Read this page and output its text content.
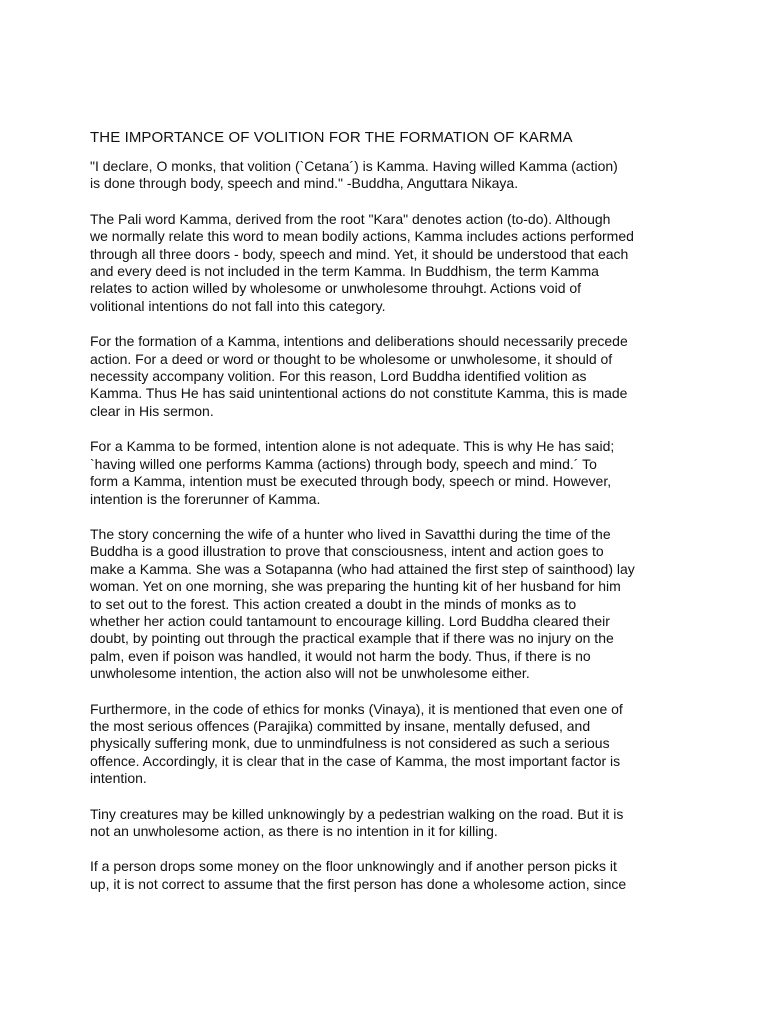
THE IMPORTANCE OF VOLITION FOR THE FORMATION OF KARMA
"I declare, O monks, that volition (`Cetana´) is Kamma. Having willed Kamma (action)
is done through body, speech and mind." -Buddha, Anguttara Nikaya.
The Pali word Kamma, derived from the root "Kara" denotes action (to-do). Although
we normally relate this word to mean bodily actions, Kamma includes actions performed
through all three doors - body, speech and mind. Yet, it should be understood that each
and every deed is not included in the term Kamma. In Buddhism, the term Kamma
relates to action willed by wholesome or unwholesome throuhgt. Actions void of
volitional intentions do not fall into this category.
For the formation of a Kamma, intentions and deliberations should necessarily precede
action. For a deed or word or thought to be wholesome or unwholesome, it should of
necessity accompany volition. For this reason, Lord Buddha identified volition as
Kamma. Thus He has said unintentional actions do not constitute Kamma, this is made
clear in His sermon.
For a Kamma to be formed, intention alone is not adequate. This is why He has said;
`having willed one performs Kamma (actions) through body, speech and mind.´ To
form a Kamma, intention must be executed through body, speech or mind. However,
intention is the forerunner of Kamma.
The story concerning the wife of a hunter who lived in Savatthi during the time of the
Buddha is a good illustration to prove that consciousness, intent and action goes to
make a Kamma. She was a Sotapanna (who had attained the first step of sainthood) lay
woman. Yet on one morning, she was preparing the hunting kit of her husband for him
to set out to the forest. This action created a doubt in the minds of monks as to
whether her action could tantamount to encourage killing. Lord Buddha cleared their
doubt, by pointing out through the practical example that if there was no injury on the
palm, even if poison was handled, it would not harm the body. Thus, if there is no
unwholesome intention, the action also will not be unwholesome either.
Furthermore, in the code of ethics for monks (Vinaya), it is mentioned that even one of
the most serious offences (Parajika) committed by insane, mentally defused, and
physically suffering monk, due to unmindfulness is not considered as such a serious
offence. Accordingly, it is clear that in the case of Kamma, the most important factor is
intention.
Tiny creatures may be killed unknowingly by a pedestrian walking on the road. But it is
not an unwholesome action, as there is no intention in it for killing.
If a person drops some money on the floor unknowingly and if another person picks it
up, it is not correct to assume that the first person has done a wholesome action, since
